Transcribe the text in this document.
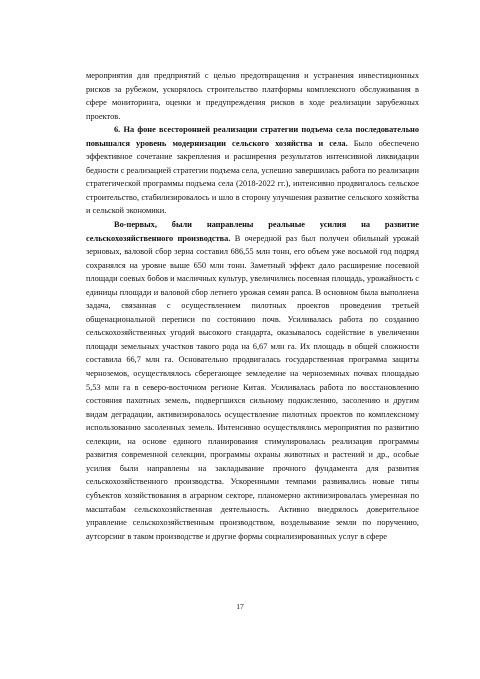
мероприятия для предприятий с целью предотвращения и устранения инвестиционных рисков за рубежом, ускорялось строительство платформы комплексного обслуживания в сфере мониторинга, оценки и предупреждения рисков в ходе реализации зарубежных проектов.

6. На фоне всесторонней реализации стратегии подъема села последовательно повышался уровень модернизации сельского хозяйства и села. Было обеспечено эффективное сочетание закрепления и расширения результатов интенсивной ликвидации бедности с реализацией стратегии подъема села, успешно завершилась работа по реализации стратегической программы подъема села (2018-2022 гг.), интенсивно продвигалось сельское строительство, стабилизировалось и шло в сторону улучшения развитие сельского хозяйства и сельской экономики.

Во-первых, были направлены реальные усилия на развитие сельскохозяйственного производства. В очередной раз был получен обильный урожай зерновых, валовой сбор зерна составил 686,55 млн тонн, его объем уже восьмой год подряд сохранялся на уровне выше 650 млн тонн. Заметный эффект дало расширение посевной площади соевых бобов и масличных культур, увеличились посевная площадь, урожайность с единицы площади и валовой сбор летнего урожая семян рапса. В основном была выполнена задача, связанная с осуществлением пилотных проектов проведения третьей общенациональной переписи по состоянию почв. Усиливалась работа по созданию сельскохозяйственных угодий высокого стандарта, оказывалось содействие в увеличении площади земельных участков такого рода на 6,67 млн га. Их площадь в общей сложности составила 66,7 млн га. Основательно продвигалась государственная программа защиты черноземов, осуществлялось сберегающее земледелие на черноземных почвах площадью 5,53 млн га в северо-восточном регионе Китая. Усиливалась работа по восстановлению состояния пахотных земель, подвергшихся сильному подкислению, засолению и другим видам деградации, активизировалось осуществление пилотных проектов по комплексному использованию засоленных земель. Интенсивно осуществлялись мероприятия по развитию селекции, на основе единого планирования стимулировалась реализация программы развития современной селекции, программы охраны животных и растений и др., особые усилия были направлены на закладывание прочного фундамента для развития сельскохозяйственного производства. Ускоренными темпами развивались новые типы субъектов хозяйствования в аграрном секторе, планомерно активизировалась умеренная по масштабам сельскохозяйственная деятельность. Активно внедрялось доверительное управление сельскохозяйственным производством, возделывание земли по поручению, аутсорсинг в таком производстве и другие формы социализированных услуг в сфере

17
